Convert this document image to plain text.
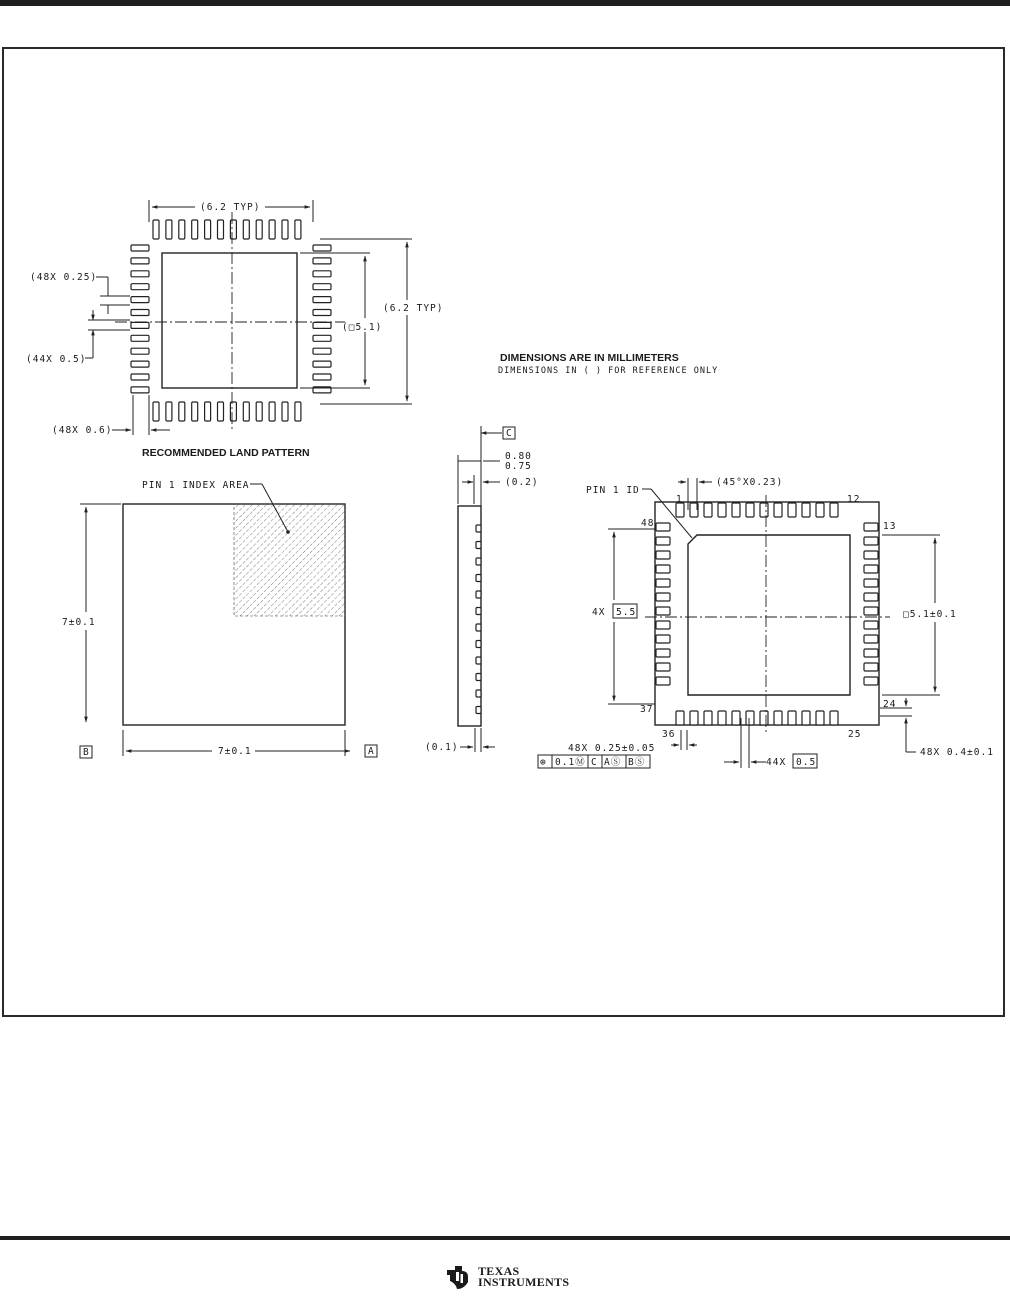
(6.2 TYP)
(6.2 TYP)
(□5.1)
(48X 0.25)
(44X 0.5)
(48X 0.6)
RECOMMENDED LAND PATTERN
DIMENSIONS ARE IN MILLIMETERS
DIMENSIONS IN ( ) FOR REFERENCE ONLY
PIN 1 INDEX AREA
7±0.1
7±0.1	A
B
C
0.80
0.75
(0.2)
(0.1)
PIN 1 ID
(45°X0.23)
1	12
13
24
25
36
37
48
4X 5.5	□5.1±0.1
48X 0.4±0.1
48X 0.25±0.05
⊕ 0.1Ⓜ C AⓈ BⓈ	44X 0.5
TEXAS
INSTRUMENTS
